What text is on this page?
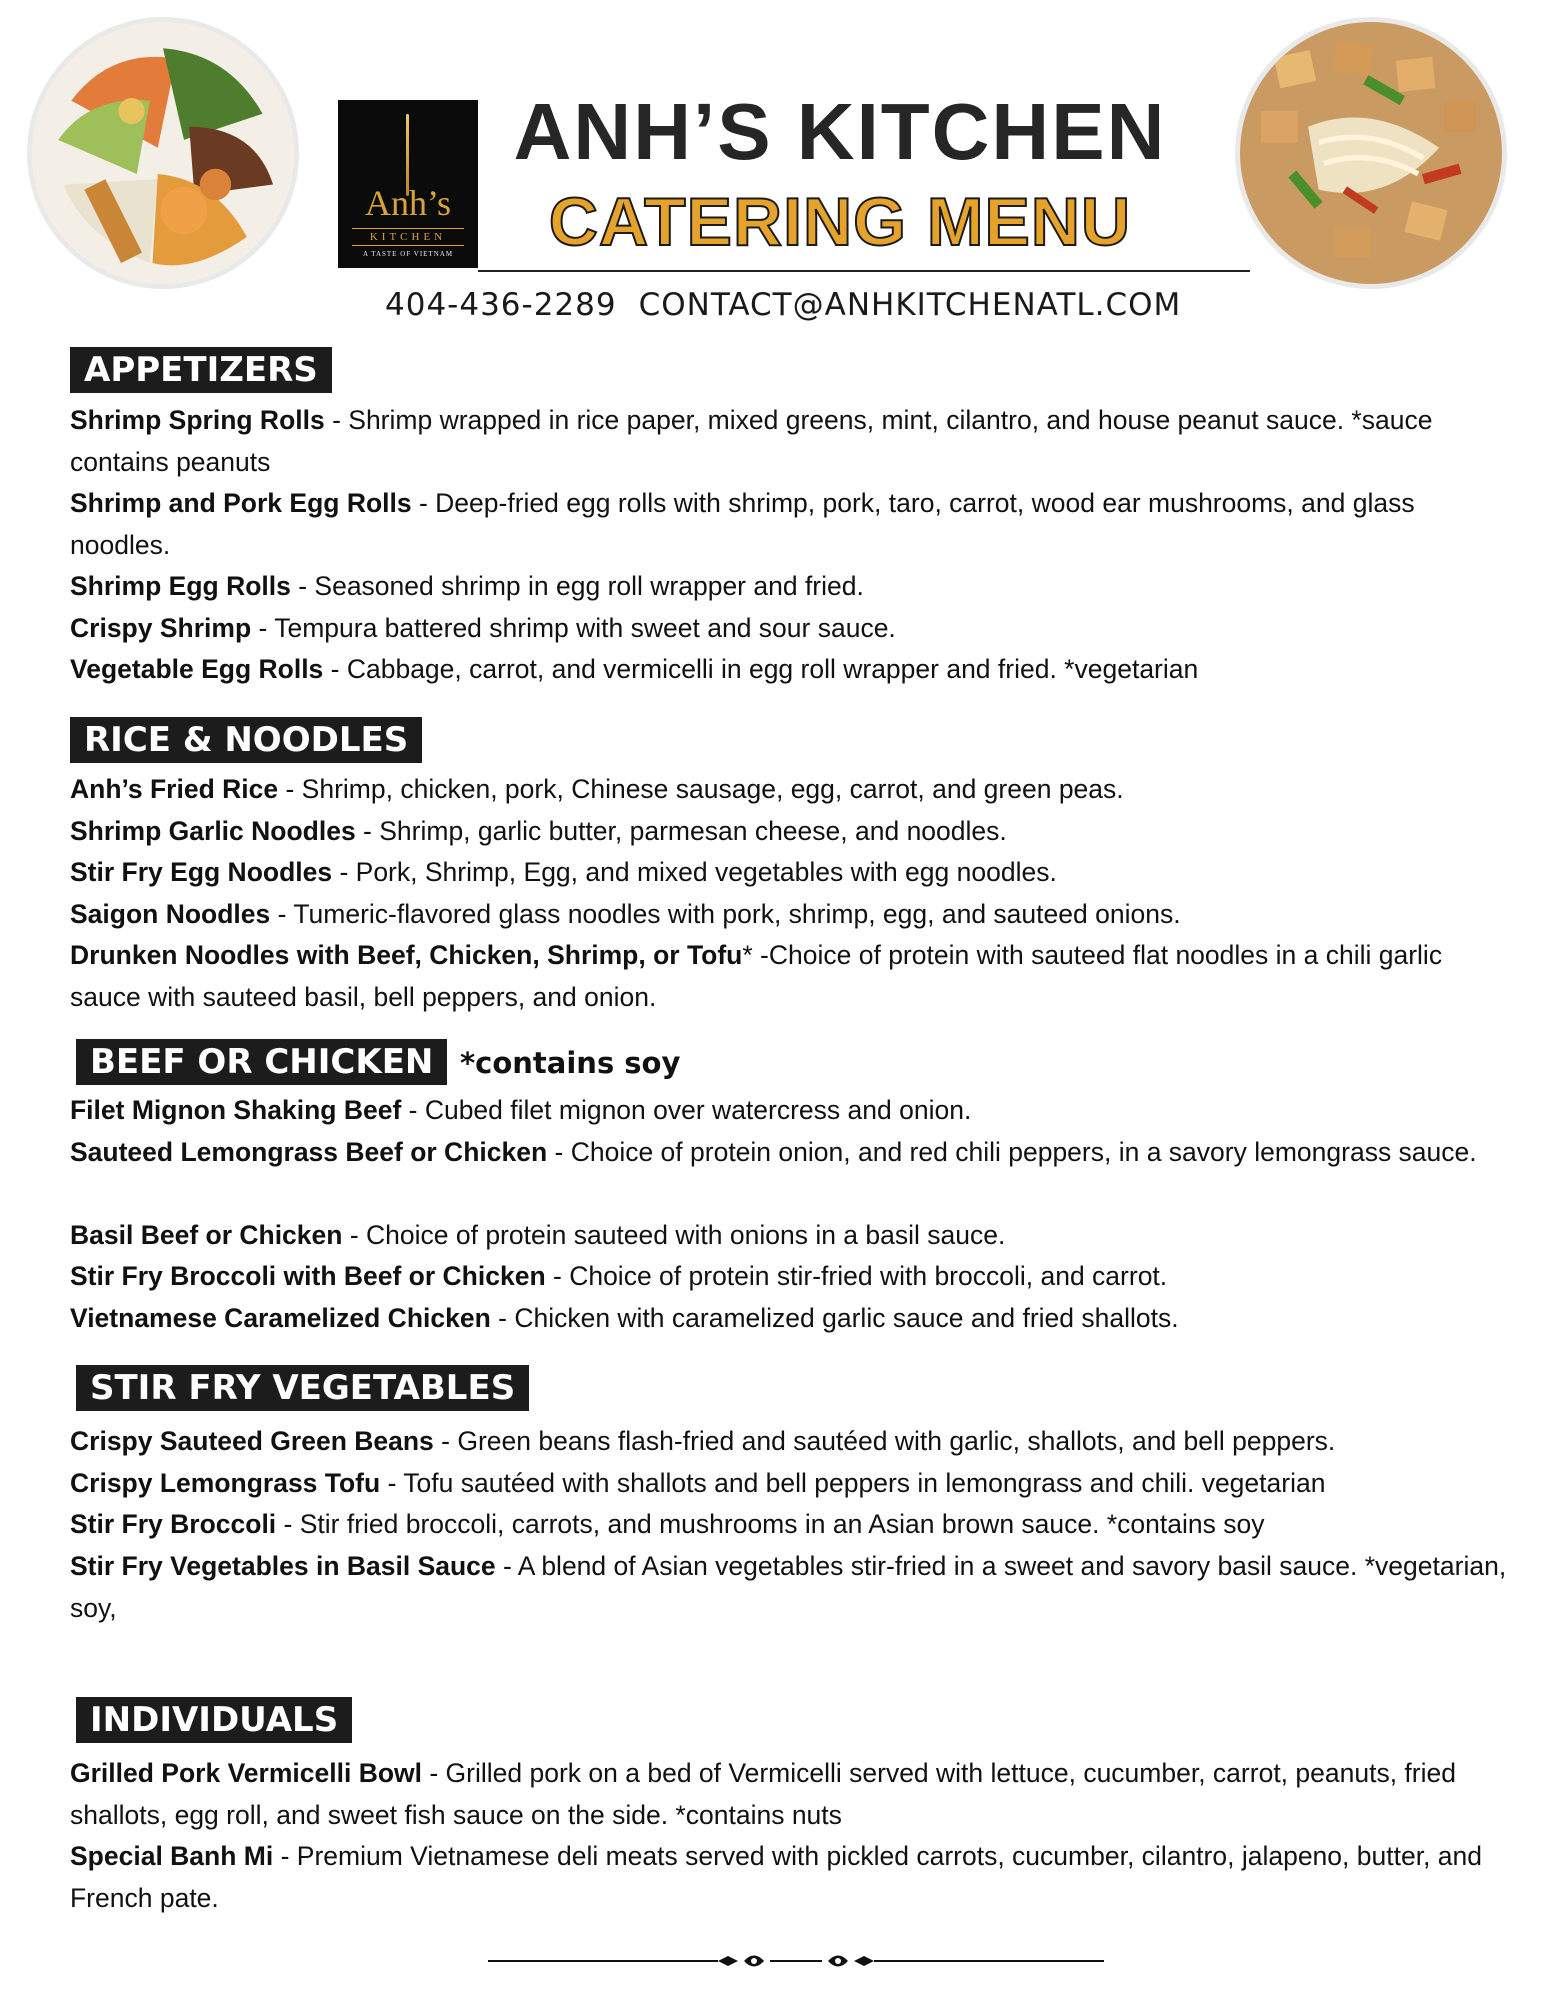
Anh’s
KITCHEN
A TASTE OF VIETNAM
ANH’S KITCHEN
CATERING MENU
404-436-2289 CONTACT@ANHKITCHENATL.COM
APPETIZERS
Shrimp Spring Rolls - Shrimp wrapped in rice paper, mixed greens, mint, cilantro, and house peanut sauce. *sauce contains peanuts
Shrimp and Pork Egg Rolls - Deep-fried egg rolls with shrimp, pork, taro, carrot, wood ear mushrooms, and glass noodles.
Shrimp Egg Rolls - Seasoned shrimp in egg roll wrapper and fried.
Crispy Shrimp - Tempura battered shrimp with sweet and sour sauce.
Vegetable Egg Rolls - Cabbage, carrot, and vermicelli in egg roll wrapper and fried. *vegetarian
RICE & NOODLES
Anh’s Fried Rice - Shrimp, chicken, pork, Chinese sausage, egg, carrot, and green peas.
Shrimp Garlic Noodles - Shrimp, garlic butter, parmesan cheese, and noodles.
Stir Fry Egg Noodles - Pork, Shrimp, Egg, and mixed vegetables with egg noodles.
Saigon Noodles - Tumeric-flavored glass noodles with pork, shrimp, egg, and sauteed onions.
Drunken Noodles with Beef, Chicken, Shrimp, or Tofu* -Choice of protein with sauteed flat noodles in a chili garlic sauce with sauteed basil, bell peppers, and onion.
BEEF OR CHICKEN *contains soy
Filet Mignon Shaking Beef - Cubed filet mignon over watercress and onion.
Sauteed Lemongrass Beef or Chicken - Choice of protein onion, and red chili peppers, in a savory lemongrass sauce.
Basil Beef or Chicken - Choice of protein sauteed with onions in a basil sauce.
Stir Fry Broccoli with Beef or Chicken - Choice of protein stir-fried with broccoli, and carrot.
Vietnamese Caramelized Chicken - Chicken with caramelized garlic sauce and fried shallots.
STIR FRY VEGETABLES
Crispy Sauteed Green Beans - Green beans flash-fried and sautéed with garlic, shallots, and bell peppers.
Crispy Lemongrass Tofu - Tofu sautéed with shallots and bell peppers in lemongrass and chili. vegetarian
Stir Fry Broccoli - Stir fried broccoli, carrots, and mushrooms in an Asian brown sauce. *contains soy
Stir Fry Vegetables in Basil Sauce - A blend of Asian vegetables stir-fried in a sweet and savory basil sauce. *vegetarian, soy,
INDIVIDUALS
Grilled Pork Vermicelli Bowl - Grilled pork on a bed of Vermicelli served with lettuce, cucumber, carrot, peanuts, fried shallots, egg roll, and sweet fish sauce on the side. *contains nuts
Special Banh Mi - Premium Vietnamese deli meats served with pickled carrots, cucumber, cilantro, jalapeno, butter, and French pate.
